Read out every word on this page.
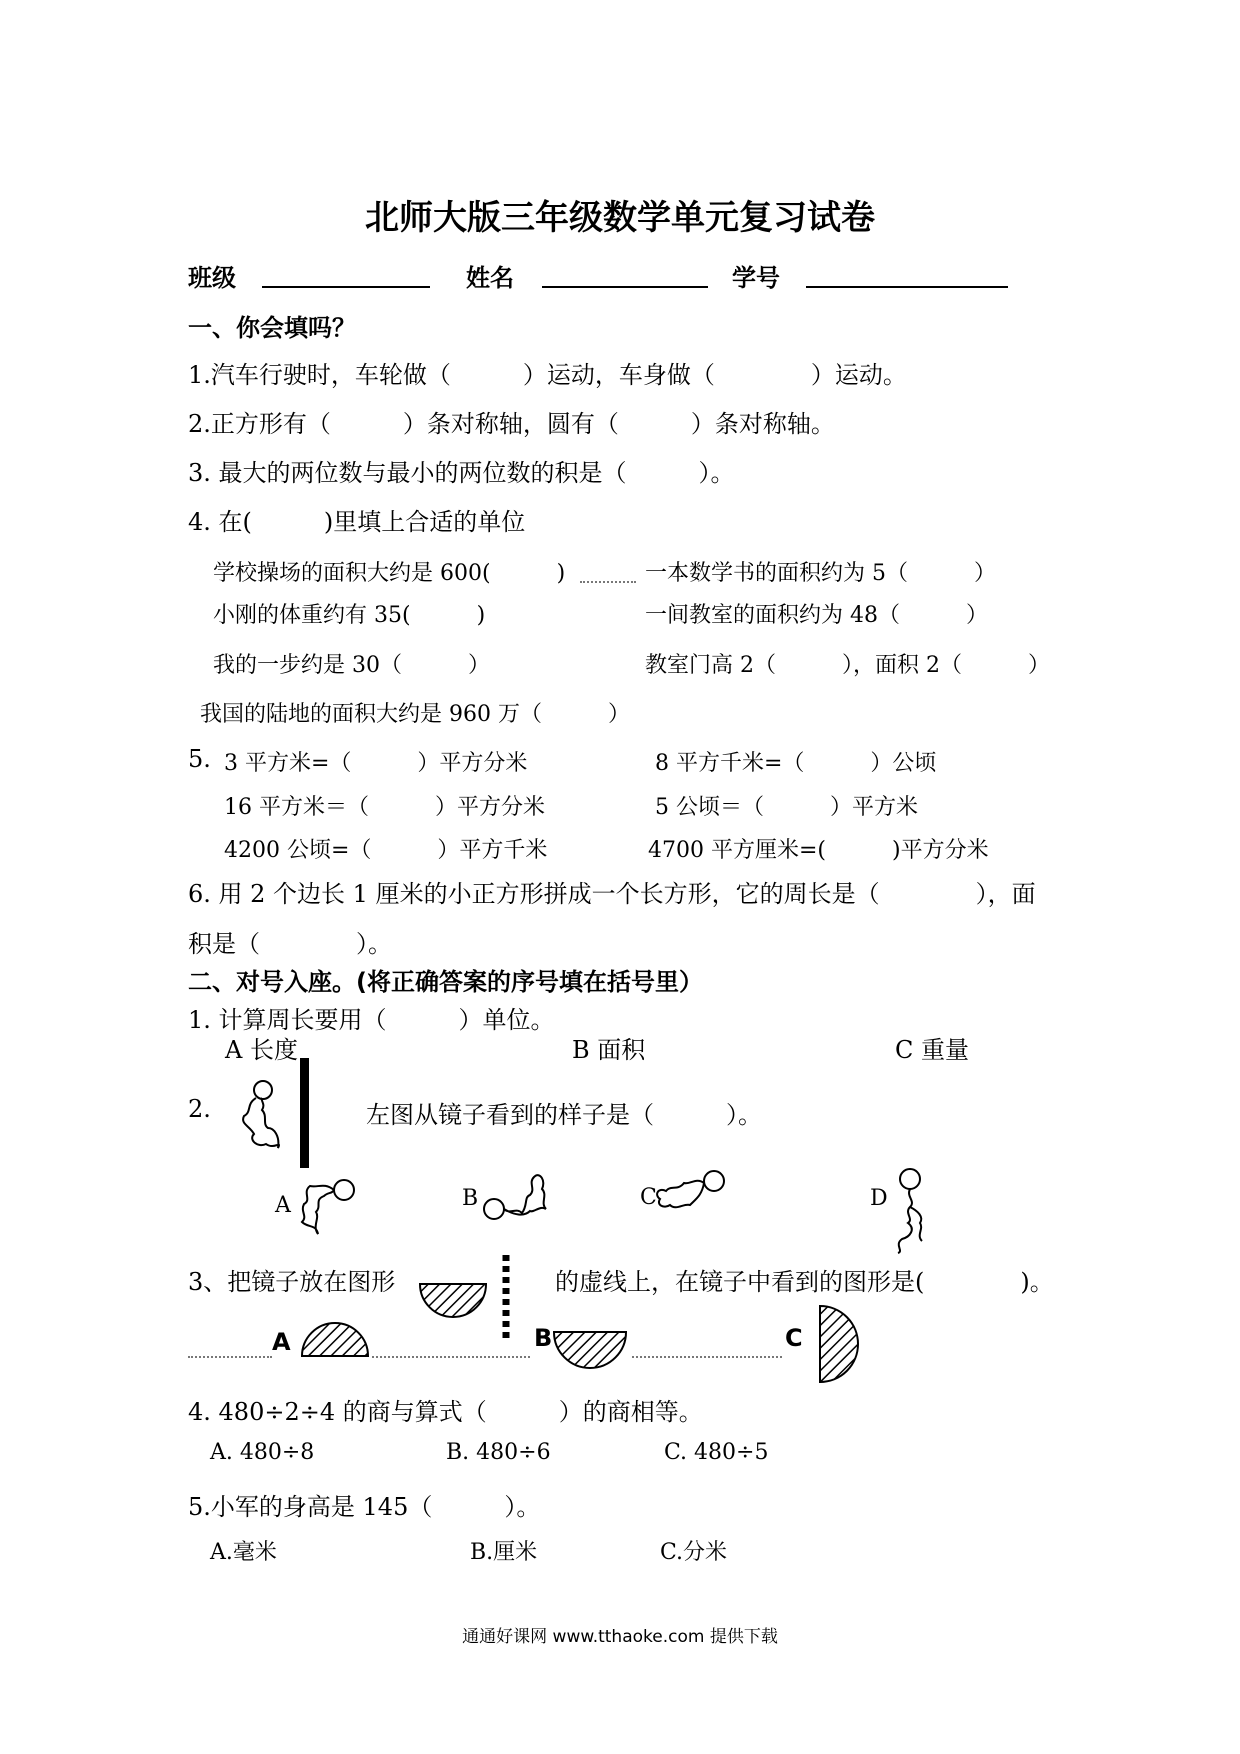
北师大版三年级数学单元复习试卷
班级	姓名	学号
一、你会填吗？
1.汽车行驶时，车轮做（　　　）运动，车身做（　　　　）运动。
2.正方形有（　　　）条对称轴，圆有（　　　）条对称轴。
3. 最大的两位数与最小的两位数的积是（　　　）。
4. 在(　　　)里填上合适的单位
学校操场的面积大约是 600(　　　)	一本数学书的面积约为 5（　　　）
小刚的体重约有 35(　　　)	一间教室的面积约为 48（　　　）
我的一步约是 30（　　　）	教室门高 2（　　　），面积 2（　　　）
我国的陆地的面积大约是 960 万（　　　）
5. 3 平方米=（　　　）平方分米	8 平方千米=（　　　）公顷
16 平方米＝（　　　）平方分米	5 公顷＝（　　　）平方米
4200 公顷=（　　　）平方千米	4700 平方厘米=(　　　)平方分米
6. 用 2 个边长 1 厘米的小正方形拼成一个长方形，它的周长是（　　　　），面
积是（　　　　）。
二、对号入座。(将正确答案的序号填在括号里）
1. 计算周长要用（　　　）单位。
A 长度	B 面积	C 重量
2.	左图从镜子看到的样子是（　　　）。
A	B	C	D
3、把镜子放在图形	的虚线上，在镜子中看到的图形是(　　　　)。
A	B	C
4. 480÷2÷4 的商与算式（　　　）的商相等。
A. 480÷8	B. 480÷6	C. 480÷5
5.小军的身高是 145（　　　）。
A.毫米	B.厘米	C.分米
通通好课网 www.tthaoke.com 提供下载
